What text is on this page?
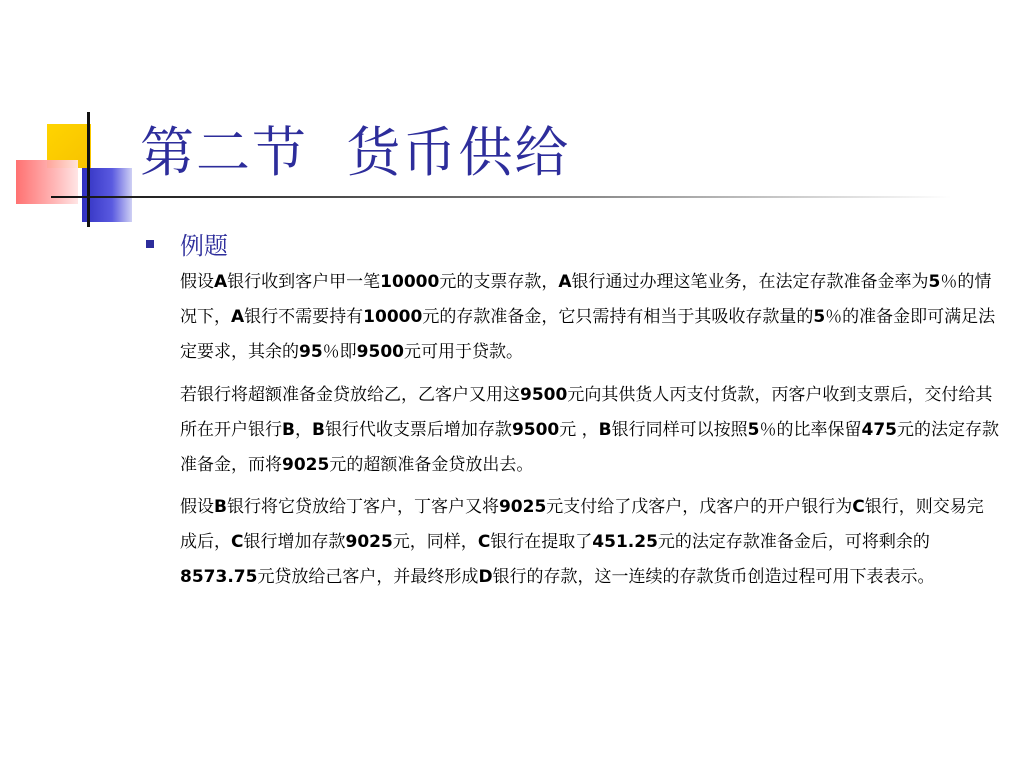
第二节  货币供给
例题

假设A银行收到客户甲一笔10000元的支票存款，A银行通过办理这笔业务，在法定存款准备金率为5％的情况下，A银行不需要持有10000元的存款准备金，它只需持有相当于其吸收存款量的5％的准备金即可满足法定要求，其余的95％即9500元可用于贷款。

若银行将超额准备金贷放给乙，乙客户又用这9500元向其供货人丙支付货款，丙客户收到支票后，交付给其所在开户银行B，B银行代收支票后增加存款9500元 ，B银行同样可以按照5％的比率保留475元的法定存款准备金，而将9025元的超额准备金贷放出去。

假设B银行将它贷放给丁客户，丁客户又将9025元支付给了戊客户，戊客户的开户银行为C银行，则交易完成后，C银行增加存款9025元，同样，C银行在提取了451.25元的法定存款准备金后，可将剩余的8573.75元贷放给己客户，并最终形成D银行的存款，这一连续的存款货币创造过程可用下表表示。
